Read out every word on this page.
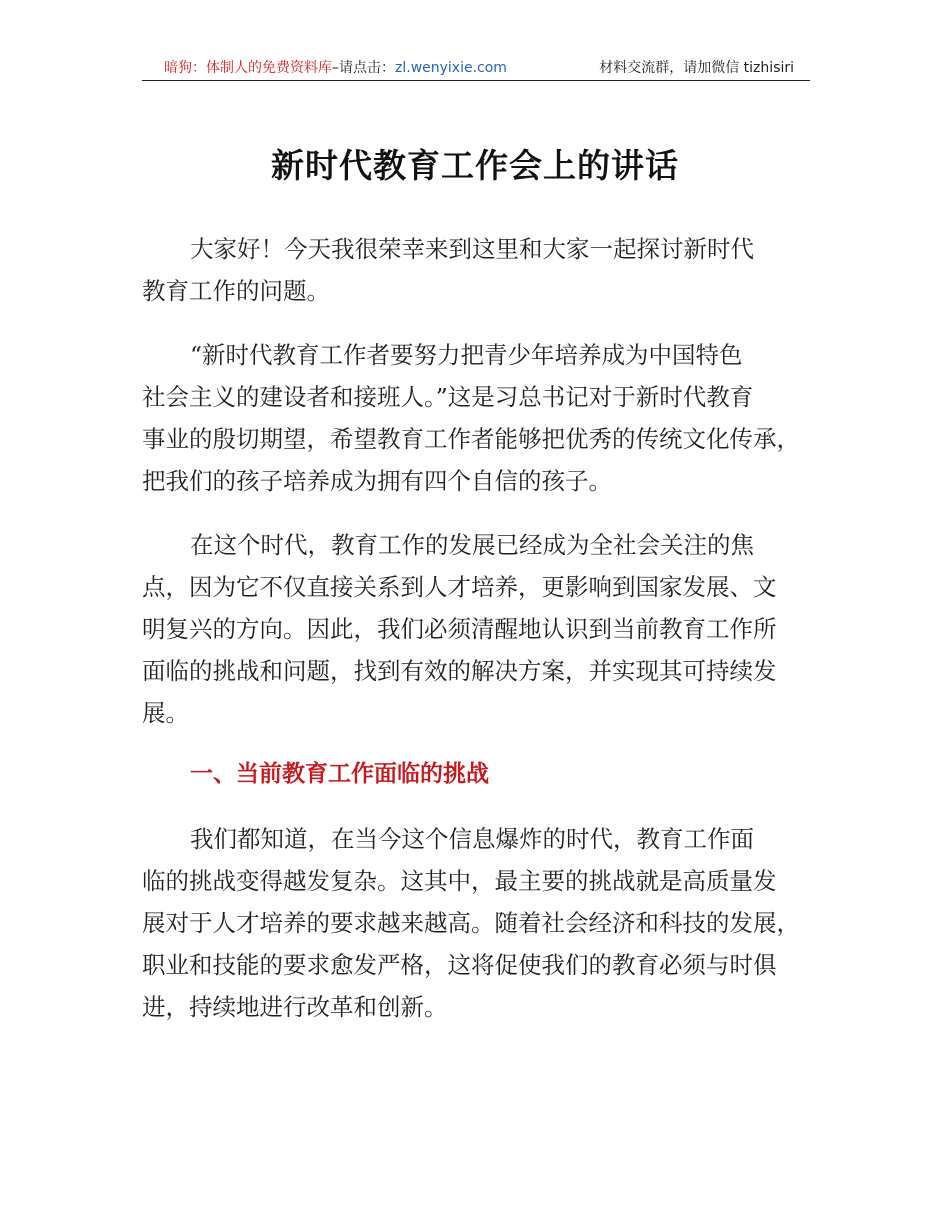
暗狗：体制人的免费资料库–请点击：zl.wenyixie.com	材料交流群，请加微信 tizhisiri
新时代教育工作会上的讲话
大家好！今天我很荣幸来到这里和大家一起探讨新时代
教育工作的问题。
“新时代教育工作者要努力把青少年培养成为中国特色
社会主义的建设者和接班人。”这是习总书记对于新时代教育
事业的殷切期望，希望教育工作者能够把优秀的传统文化传承，
把我们的孩子培养成为拥有四个自信的孩子。
在这个时代，教育工作的发展已经成为全社会关注的焦
点，因为它不仅直接关系到人才培养，更影响到国家发展、文
明复兴的方向。因此，我们必须清醒地认识到当前教育工作所
面临的挑战和问题，找到有效的解决方案，并实现其可持续发
展。
一、当前教育工作面临的挑战
我们都知道，在当今这个信息爆炸的时代，教育工作面
临的挑战变得越发复杂。这其中，最主要的挑战就是高质量发
展对于人才培养的要求越来越高。随着社会经济和科技的发展，
职业和技能的要求愈发严格，这将促使我们的教育必须与时俱
进，持续地进行改革和创新。
